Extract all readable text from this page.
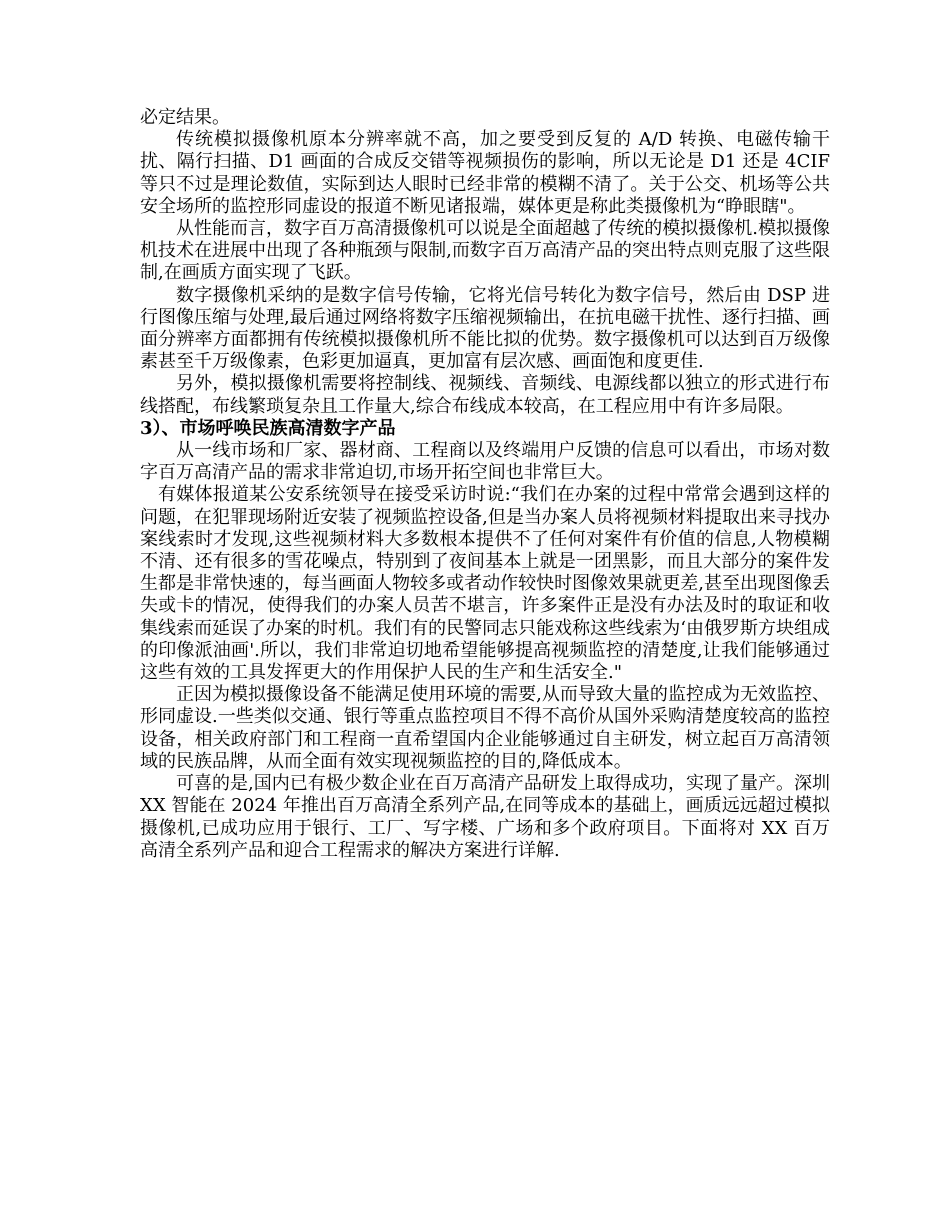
必定结果。

传统模拟摄像机原本分辨率就不高，加之要受到反复的 A/D 转换、电磁传输干扰、隔行扫描、D1 画面的合成反交错等视频损伤的影响，所以无论是 D1 还是 4CIF 等只不过是理论数值，实际到达人眼时已经非常的模糊不清了。关于公交、机场等公共安全场所的监控形同虚设的报道不断见诸报端，媒体更是称此类摄像机为“睁眼瞎"。

从性能而言，数字百万高清摄像机可以说是全面超越了传统的模拟摄像机.模拟摄像机技术在进展中出现了各种瓶颈与限制,而数字百万高清产品的突出特点则克服了这些限制,在画质方面实现了飞跃。

数字摄像机采纳的是数字信号传输，它将光信号转化为数字信号，然后由 DSP 进行图像压缩与处理,最后通过网络将数字压缩视频输出，在抗电磁干扰性、逐行扫描、画面分辨率方面都拥有传统模拟摄像机所不能比拟的优势。数字摄像机可以达到百万级像素甚至千万级像素，色彩更加逼真，更加富有层次感、画面饱和度更佳.

另外，模拟摄像机需要将控制线、视频线、音频线、电源线都以独立的形式进行布线搭配，布线繁琐复杂且工作量大,综合布线成本较高，在工程应用中有许多局限。

3）、市场呼唤民族高清数字产品

从一线市场和厂家、器材商、工程商以及终端用户反馈的信息可以看出，市场对数字百万高清产品的需求非常迫切,市场开拓空间也非常巨大。

有媒体报道某公安系统领导在接受采访时说:“我们在办案的过程中常常会遇到这样的问题，在犯罪现场附近安装了视频监控设备,但是当办案人员将视频材料提取出来寻找办案线索时才发现,这些视频材料大多数根本提供不了任何对案件有价值的信息,人物模糊不清、还有很多的雪花噪点，特别到了夜间基本上就是一团黑影，而且大部分的案件发生都是非常快速的，每当画面人物较多或者动作较快时图像效果就更差,甚至出现图像丢失或卡的情况，使得我们的办案人员苦不堪言，许多案件正是没有办法及时的取证和收集线索而延误了办案的时机。我们有的民警同志只能戏称这些线索为‘由俄罗斯方块组成的印像派油画'.所以，我们非常迫切地希望能够提高视频监控的清楚度,让我们能够通过这些有效的工具发挥更大的作用保护人民的生产和生活安全."

正因为模拟摄像设备不能满足使用环境的需要,从而导致大量的监控成为无效监控、形同虚设.一些类似交通、银行等重点监控项目不得不高价从国外采购清楚度较高的监控设备，相关政府部门和工程商一直希望国内企业能够通过自主研发，树立起百万高清领域的民族品牌，从而全面有效实现视频监控的目的,降低成本。

可喜的是,国内已有极少数企业在百万高清产品研发上取得成功，实现了量产。深圳 XX 智能在 2024 年推出百万高清全系列产品,在同等成本的基础上，画质远远超过模拟摄像机,已成功应用于银行、工厂、写字楼、广场和多个政府项目。下面将对 XX 百万高清全系列产品和迎合工程需求的解决方案进行详解.
